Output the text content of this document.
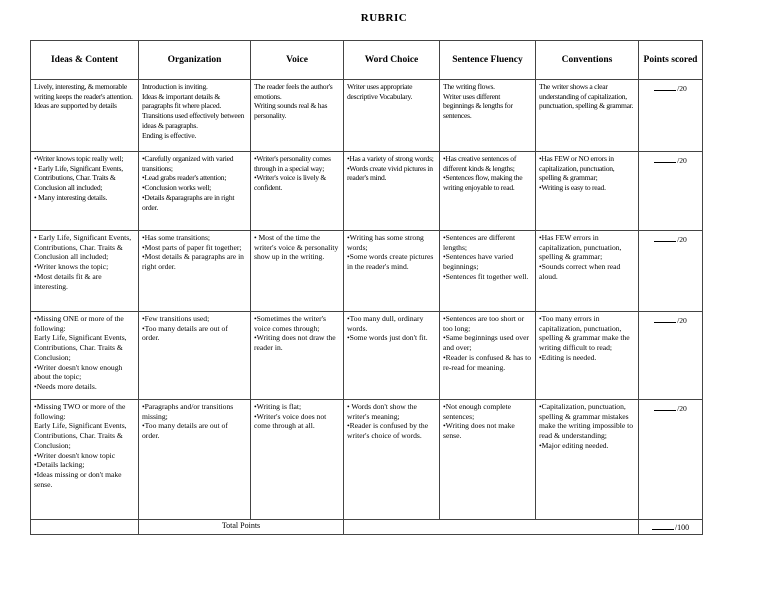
RUBRIC
Ideas & Content	Organization	Voice	Word Choice	Sentence Fluency	Conventions	Points scored

Lively, interesting, & memorable writing keeps the reader's attention. Ideas are supported by details	Introduction is inviting.
Ideas & important details & paragraphs fit where placed.
Transitions used effectively between ideas & paragraphs.
Ending is effective.	The reader feels the author's emotions.
Writing sounds real & has personality.	Writer uses appropriate descriptive Vocabulary.	The writing flows.
Writer uses different beginnings & lengths for sentences.	The writer shows a clear understanding of capitalization, punctuation, spelling & grammar.	/20

•Writer knows topic really well;
• Early Life, Significant Events, Contributions, Char. Traits & Conclusion all included;
• Many interesting details.	•Carefully organized with varied transitions;
•Lead grabs reader's attention;
•Conclusion works well;
•Details &paragraphs are in right order.	•Writer's personality comes through in a special way;
•Writer's voice is lively & confident.	•Has a variety of strong words;
•Words create vivid pictures in reader's mind.	•Has creative sentences of different kinds & lengths;
•Sentences flow, making the writing enjoyable to read.	•Has FEW or NO errors in capitalization, punctuation, spelling & grammar;
•Writing is easy to read.	/20

• Early Life, Significant Events, Contributions, Char. Traits & Conclusion all included;
•Writer knows the topic;
•Most details fit & are interesting.	•Has some transitions;
•Most parts of paper fit together;
•Most details & paragraphs are in right order.	• Most of the time the writer's voice & personality show up in the writing.	•Writing has some strong words;
•Some words create pictures in the reader's mind.	•Sentences are different lengths;
•Sentences have varied beginnings;
•Sentences fit together well.	•Has FEW errors in capitalization, punctuation, spelling & grammar;
•Sounds correct when read aloud.	/20

•Missing ONE or more of the following:
Early Life, Significant Events, Contributions, Char. Traits & Conclusion;
•Writer doesn't know enough about the topic;
•Needs more details.	•Few transitions used;
•Too many details are out of order.	•Sometimes the writer's voice comes through;
•Writing does not draw the reader in.	•Too many dull, ordinary words.
•Some words just don't fit.	•Sentences are too short or too long;
•Same beginnings used over and over;
•Reader is confused & has to re-read for meaning.	•Too many errors in capitalization, punctuation, spelling & grammar make the writing difficult to read;
•Editing is needed.	/20

•Missing TWO or more of the following:
Early Life, Significant Events, Contributions, Char. Traits & Conclusion;
•Writer doesn't know topic
•Details lacking;
•Ideas missing or don't make sense.	•Paragraphs and/or transitions missing;
•Too many details are out of order.	•Writing is flat;
•Writer's voice does not come through at all.	• Words don't show the writer's meaning;
•Reader is confused by the writer's choice of words.	•Not enough complete sentences;
•Writing does not make sense.	•Capitalization, punctuation, spelling & grammar mistakes make the writing impossible to read & understanding;
•Major editing needed.	/20
	Total Points					/100
